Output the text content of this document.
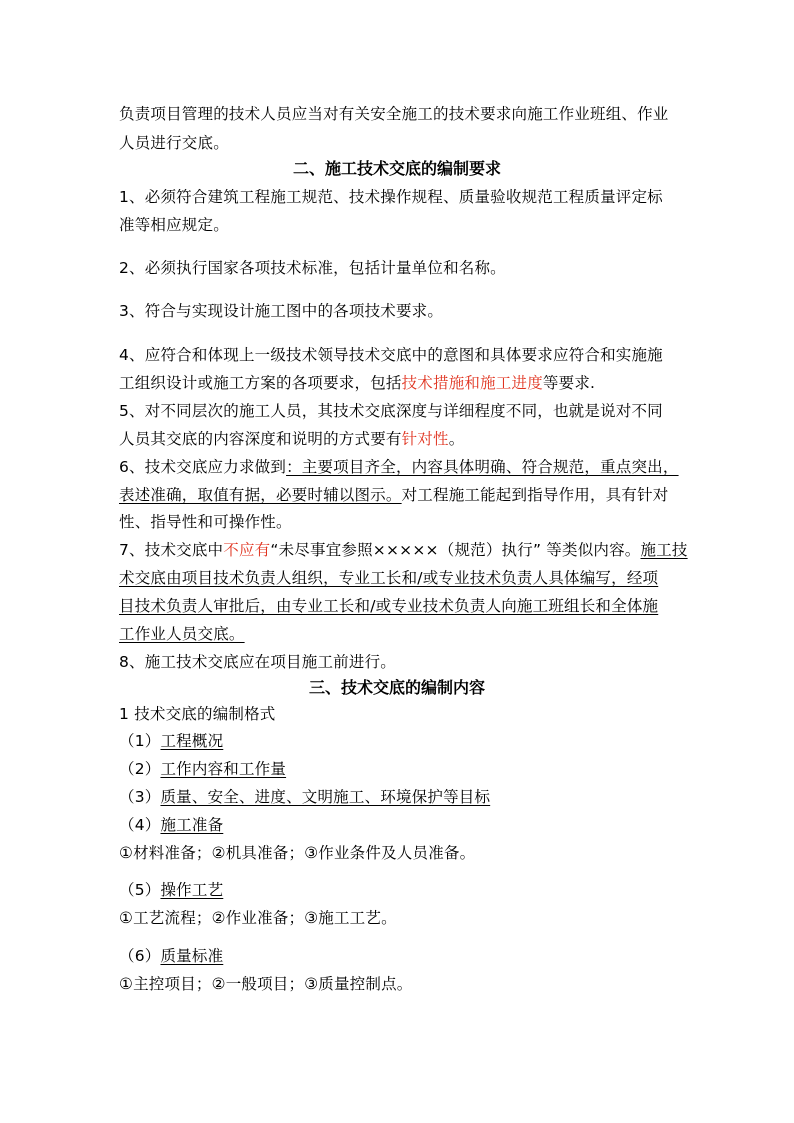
负责项目管理的技术人员应当对有关安全施工的技术要求向施工作业班组、作业
人员进行交底。
二、施工技术交底的编制要求
1、必须符合建筑工程施工规范、技术操作规程、质量验收规范工程质量评定标
准等相应规定。
2、必须执行国家各项技术标准，包括计量单位和名称。
3、符合与实现设计施工图中的各项技术要求。
4、应符合和体现上一级技术领导技术交底中的意图和具体要求应符合和实施施
工组织设计或施工方案的各项要求，包括技术措施和施工进度等要求.
5、对不同层次的施工人员，其技术交底深度与详细程度不同，也就是说对不同
人员其交底的内容深度和说明的方式要有针对性。
6、技术交底应力求做到：主要项目齐全，内容具体明确、符合规范，重点突出，
表述准确，取值有据，必要时辅以图示。对工程施工能起到指导作用，具有针对
性、指导性和可操作性。
7、技术交底中不应有“未尽事宜参照×××××（规范）执行” 等类似内容。施工技
术交底由项目技术负责人组织，专业工长和/或专业技术负责人具体编写，经项
目技术负责人审批后，由专业工长和/或专业技术负责人向施工班组长和全体施
工作业人员交底。
8、施工技术交底应在项目施工前进行。
三、技术交底的编制内容
1 技术交底的编制格式
（1）工程概况
（2）工作内容和工作量
（3）质量、安全、进度、文明施工、环境保护等目标
（4）施工准备
①材料准备；②机具准备；③作业条件及人员准备。
（5）操作工艺
①工艺流程；②作业准备；③施工工艺。
（6）质量标准
①主控项目；②一般项目；③质量控制点。
